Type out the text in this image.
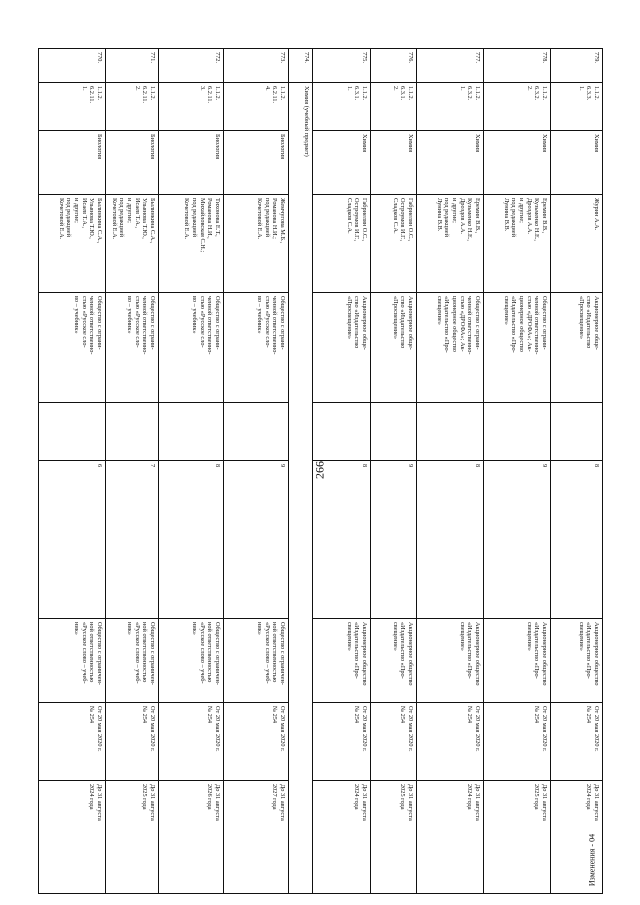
266
Изменения - 04
770.
1.1.2.
6.2.11.
1.
Биология
Былинкина С.А.,
Ульянова Т.Ю.,
Исаев Т.А.,
и другие;
под редакцией
Кочетовой Е.А.
Общество с ограни-
ченной ответственно-
стью «Русское сло-
во – учебник»
6
Общество с ограничен-
ной ответственностью
«Русское слово – учеб-
ник»
От 20 мая 2020 г.
№ 254
До 31 августа
2024 года
771.
1.1.2.
6.2.11.
2.
Биология
Былинкина С.А.,
Ульянова Т.Ю.,
Исаев Т.А.,
и другие;
под редакцией
Кочетовой Е.А.
Общество с ограни-
ченной ответственно-
стью «Русское сло-
во – учебник»
7
Общество с ограничен-
ной ответственностью
«Русское слово – учеб-
ник»
От 20 мая 2020 г.
№ 254
До 31 августа
2025 года
772.
1.1.2.
6.2.11.
3.
Биология
Тихонова Е.Т.,
Романова Н.И.,
Михайловская С.Н.;
под редакцией
Кочетовой Е.А.
Общество с ограни-
ченной ответственно-
стью «Русское сло-
во – учебник»
8
Общество с ограничен-
ной ответственностью
«Русское слово – учеб-
ник»
От 20 мая 2020 г.
№ 254
До 31 августа
2026 года
773.
1.1.2.
6.2.11.
4.
Биология
Жемчугова М.Б.,
Романова Н.И.;
под редакцией
Кочетовой Е.А.
Общество с ограни-
ченной ответственно-
стью «Русское сло-
во – учебник»
9
Общество с ограничен-
ной ответственностью
«Русское слово – учеб-
ник»
От 20 мая 2020 г.
№ 254
До 31 августа
2027 года
774.
Химия (учебный предмет)
775.
1.1.2.
6.3.1.
1.
Химия
Габриелян О.С.,
Остроумов И.Г.,
Сладков С.А.
Акционерное обще-
ство «Издательство
«Просвещение»
8
Акционерное общество
«Издательство «Про-
свещение»
От 20 мая 2020 г.
№ 254
До 31 августа
2024 года
776.
1.1.2.
6.3.1.
2.
Химия
Габриелян О.С.,
Остроумов И.Г.,
Сладков С.А.
Акционерное обще-
ство «Издательство
«Просвещение»
9
Акционерное общество
«Издательство «Про-
свещение»
От 20 мая 2020 г.
№ 254
До 31 августа
2025 года
777.
1.1.2.
6.3.2.
1.
Химия
Еремин В.В.,
Кузьменко Н.Е.,
Дроздов А.А.
и другие;
под редакцией
Лунина В.В.
Общество с ограни-
ченной ответственно-
стью «ДРОФА»; Ак-
ционерное общество
«Издательство «Про-
свещение»
8
Акционерное общество
«Издательство «Про-
свещение»
От 20 мая 2020 г.
№ 254
До 31 августа
2024 года
778.
1.1.2.
6.3.2.
2.
Химия
Еремин В.В.,
Кузьменко Н.Е.,
Дроздов А.А.
и другие;
под редакцией
Лунина В.В.
Общество с ограни-
ченной ответственно-
стью «ДРОФА»; Ак-
ционерное общество
«Издательство «Про-
свещение»
9
Акционерное общество
«Издательство «Про-
свещение»
От 20 мая 2020 г.
№ 254
До 31 августа
2025 года
779.
1.1.2.
6.3.3.
1.
Химия
Журин А.А.
Акционерное обще-
ство «Издательство
«Просвещение»
8
Акционерное общество
«Издательство «Про-
свещение»
От 20 мая 2020 г.
№ 254
До 31 августа
2024 года
